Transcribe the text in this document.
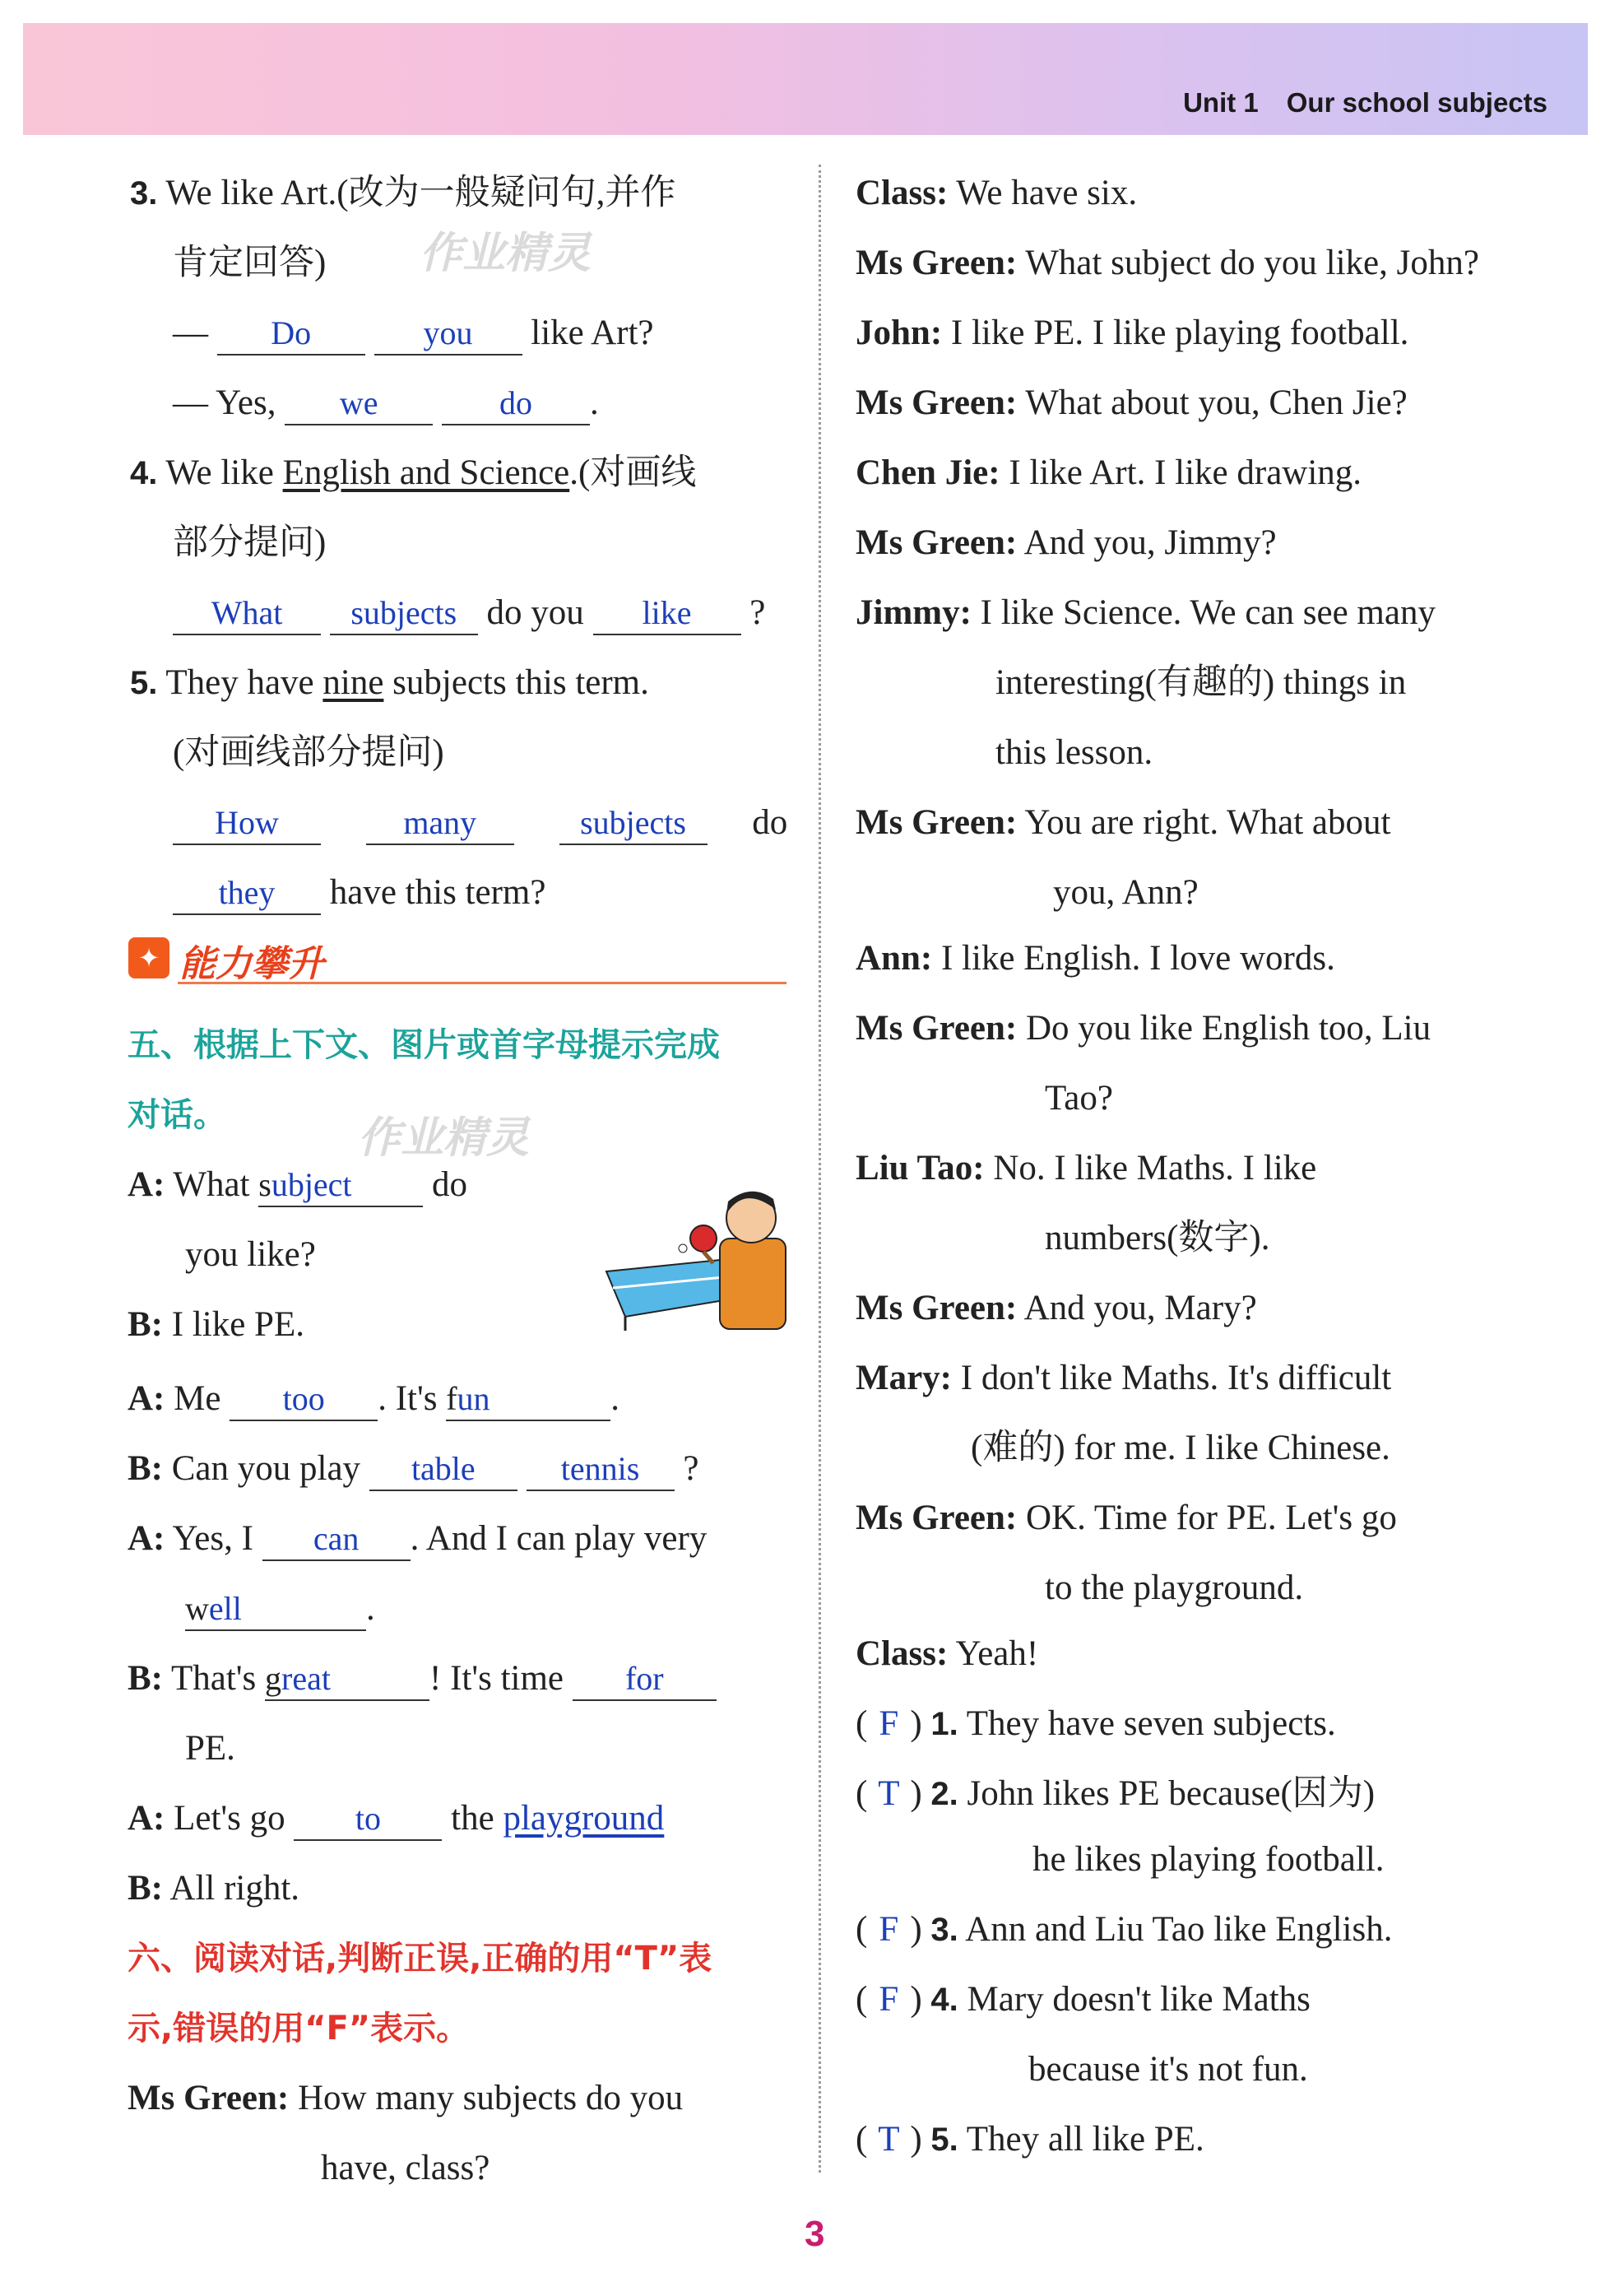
Unit 1 Our school subjects
3. We like Art.(改为一般疑问句,并作
肯定回答) 作业精灵
— Do	you like Art?
— Yes, we	do .
4. We like English and Science.(对画线
部分提问)
What subjects do you like ?
5. They have nine subjects this term.
(对画线部分提问)
How	many	subjects do
they have this term?
✦ 能力攀升
五、根据上下文、图片或首字母提示完成
对话。	作业精灵
A: What subject do
you like?
B: I like PE.
A: Me too . It's fun	.
B: Can you play table	tennis ?
A: Yes, I can . And I can play very
well	.
B: That's great	! It's time for
PE.
A: Let's go to the playground
B: All right.
六、阅读对话,判断正误,正确的用“T”表
示,错误的用“F”表示。
Ms Green: How many subjects do you
have, class?
Class: We have six.
Ms Green: What subject do you like, John?
John: I like PE. I like playing football.
Ms Green: What about you, Chen Jie?
Chen Jie: I like Art. I like drawing.
Ms Green: And you, Jimmy?
Jimmy: I like Science. We can see many
interesting(有趣的) things in
this lesson.
Ms Green: You are right. What about
you, Ann?
Ann: I like English. I love words.
Ms Green: Do you like English too, Liu
Tao?
Liu Tao: No. I like Maths. I like
numbers(数字).
Ms Green: And you, Mary?
Mary: I don't like Maths. It's difficult
(难的) for me. I like Chinese.
Ms Green: OK. Time for PE. Let's go
to the playground.
Class: Yeah!
( F ) 1. They have seven subjects.
( T ) 2. John likes PE because(因为)
he likes playing football.
( F ) 3. Ann and Liu Tao like English.
( F ) 4. Mary doesn't like Maths
because it's not fun.
( T ) 5. They all like PE.
3
